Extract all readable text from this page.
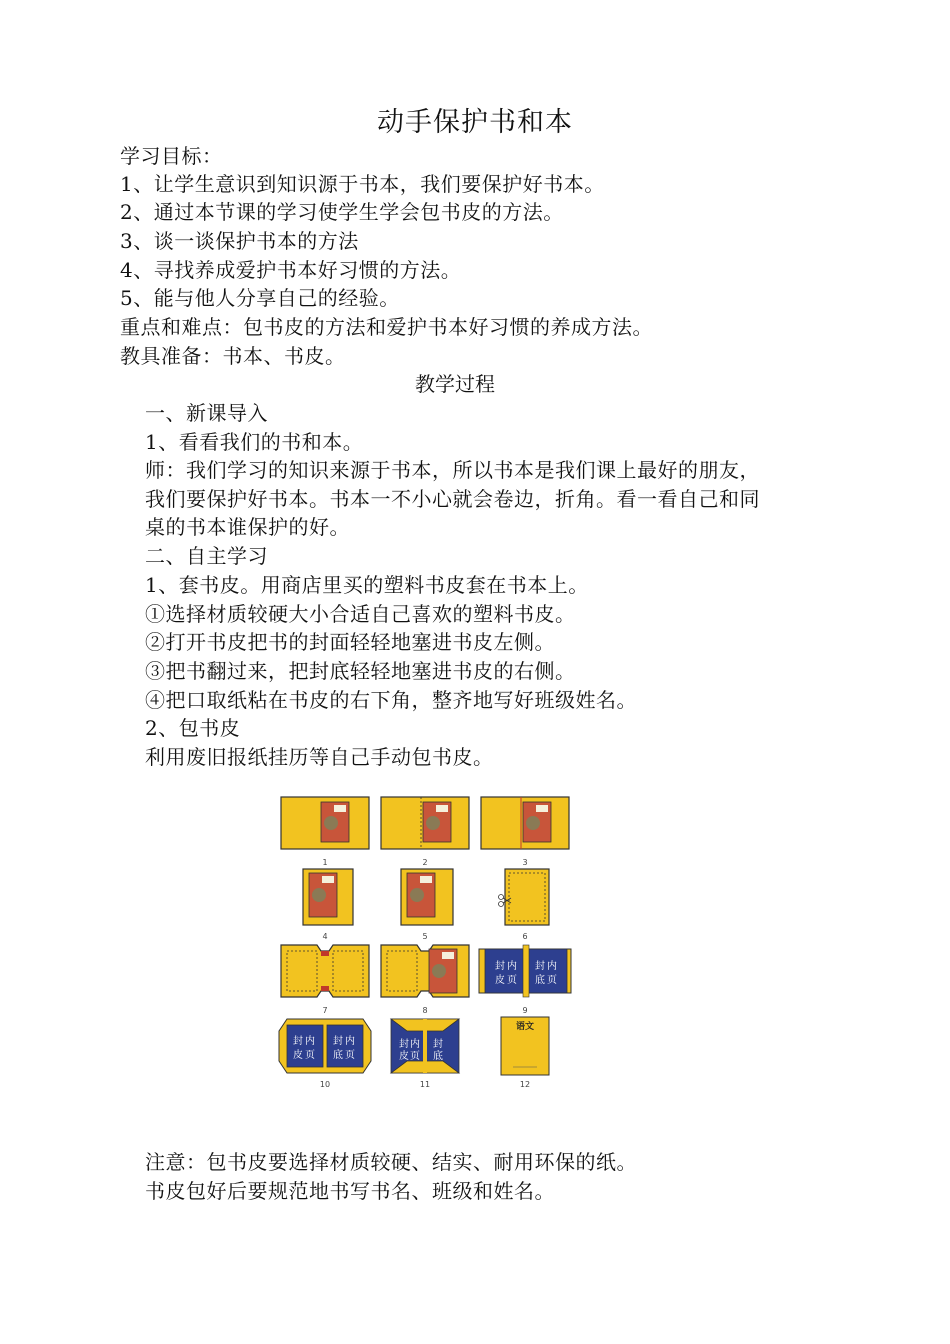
动手保护书和本
学习目标：
1、让学生意识到知识源于书本，我们要保护好书本。
2、通过本节课的学习使学生学会包书皮的方法。
3、谈一谈保护书本的方法
4、寻找养成爱护书本好习惯的方法。
5、能与他人分享自己的经验。
重点和难点：包书皮的方法和爱护书本好习惯的养成方法。
教具准备：书本、书皮。
教学过程
一、新课导入
1、看看我们的书和本。
师：我们学习的知识来源于书本，所以书本是我们课上最好的朋友，
我们要保护好书本。书本一不小心就会卷边，折角。看一看自己和同
桌的书本谁保护的好。
二、自主学习
1、套书皮。用商店里买的塑料书皮套在书本上。
①选择材质较硬大小合适自己喜欢的塑料书皮。
②打开书皮把书的封面轻轻地塞进书皮左侧。
③把书翻过来，把封底轻轻地塞进书皮的右侧。
④把口取纸粘在书皮的右下角，整齐地写好班级姓名。
2、包书皮
利用废旧报纸挂历等自己手动包书皮。
1	2	3
4	5	6
7	8
封 内
皮 页
封 内
底 页
9
封 内
皮 页
封 内
底 页
10
封 内
皮 页
封
底
11
语文
12
注意：包书皮要选择材质较硬、结实、耐用环保的纸。
书皮包好后要规范地书写书名、班级和姓名。
